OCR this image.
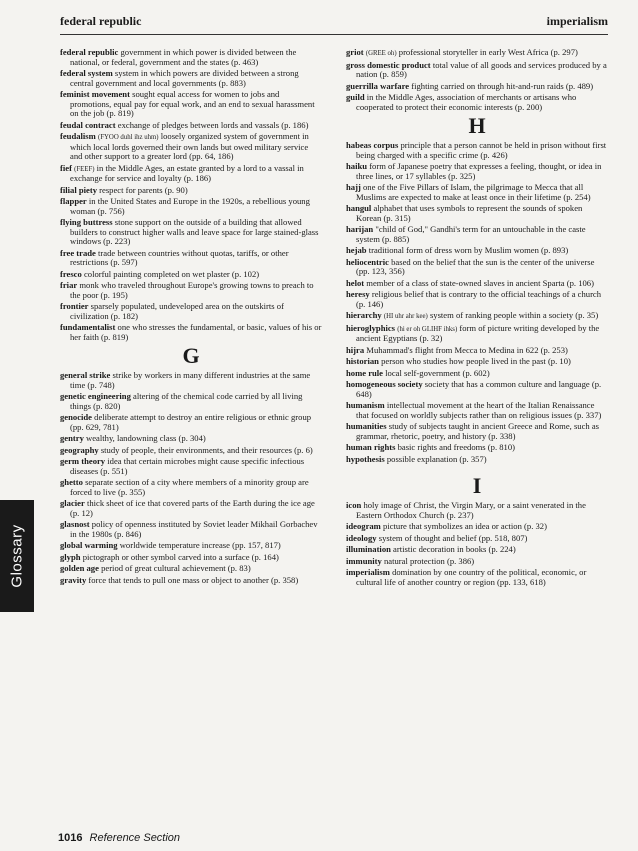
federal republic	imperialism
federal republic government in which power is divided between the national, or federal, government and the states (p. 463)
federal system system in which powers are divided between a strong central government and local governments (p. 883)
feminist movement sought equal access for women to jobs and promotions, equal pay for equal work, and an end to sexual harassment on the job (p. 819)
feudal contract exchange of pledges between lords and vassals (p. 186)
feudalism (FYOO duhl ihz uhm) loosely organized system of government in which local lords governed their own lands but owed military service and other support to a greater lord (pp. 64, 186)
fief (FEEF) in the Middle Ages, an estate granted by a lord to a vassal in exchange for service and loyalty (p. 186)
filial piety respect for parents (p. 90)
flapper in the United States and Europe in the 1920s, a rebellious young woman (p. 756)
flying buttress stone support on the outside of a building that allowed builders to construct higher walls and leave space for large stained-glass windows (p. 223)
free trade trade between countries without quotas, tariffs, or other restrictions (p. 597)
fresco colorful painting completed on wet plaster (p. 102)
friar monk who traveled throughout Europe's growing towns to preach to the poor (p. 195)
frontier sparsely populated, undeveloped area on the outskirts of civilization (p. 182)
fundamentalist one who stresses the fundamental, or basic, values of his or her faith (p. 819)
G
general strike strike by workers in many different industries at the same time (p. 748)
genetic engineering altering of the chemical code carried by all living things (p. 820)
genocide deliberate attempt to destroy an entire religious or ethnic group (pp. 629, 781)
gentry wealthy, landowning class (p. 304)
geography study of people, their environments, and their resources (p. 6)
germ theory idea that certain microbes might cause specific infectious diseases (p. 551)
ghetto separate section of a city where members of a minority group are forced to live (p. 355)
glacier thick sheet of ice that covered parts of the Earth during the ice age (p. 12)
glasnost policy of openness instituted by Soviet leader Mikhail Gorbachev in the 1980s (p. 846)
global warming worldwide temperature increase (pp. 157, 817)
glyph pictograph or other symbol carved into a surface (p. 164)
golden age period of great cultural achievement (p. 83)
gravity force that tends to pull one mass or object to another (p. 358)
griot (GREE oh) professional storyteller in early West Africa (p. 297)
gross domestic product total value of all goods and services produced by a nation (p. 859)
guerrilla warfare fighting carried on through hit-and-run raids (p. 489)
guild in the Middle Ages, association of merchants or artisans who cooperated to protect their economic interests (p. 200)
H
habeas corpus principle that a person cannot be held in prison without first being charged with a specific crime (p. 426)
haiku form of Japanese poetry that expresses a feeling, thought, or idea in three lines, or 17 syllables (p. 325)
hajj one of the Five Pillars of Islam, the pilgrimage to Mecca that all Muslims are expected to make at least once in their lifetime (p. 254)
hangul alphabet that uses symbols to represent the sounds of spoken Korean (p. 315)
harijan "child of God," Gandhi's term for an untouchable in the caste system (p. 885)
hejab traditional form of dress worn by Muslim women (p. 893)
heliocentric based on the belief that the sun is the center of the universe (pp. 123, 356)
helot member of a class of state-owned slaves in ancient Sparta (p. 106)
heresy religious belief that is contrary to the official teachings of a church (p. 146)
hierarchy (HI uhr ahr kee) system of ranking people within a society (p. 35)
hieroglyphics (hi er oh GLIHF ihks) form of picture writing developed by the ancient Egyptians (p. 32)
hijra Muhammad's flight from Mecca to Medina in 622 (p. 253)
historian person who studies how people lived in the past (p. 10)
home rule local self-government (p. 602)
homogeneous society society that has a common culture and language (p. 648)
humanism intellectual movement at the heart of the Italian Renaissance that focused on worldly subjects rather than on religious issues (p. 337)
humanities study of subjects taught in ancient Greece and Rome, such as grammar, rhetoric, poetry, and history (p. 338)
human rights basic rights and freedoms (p. 810)
hypothesis possible explanation (p. 357)
I
icon holy image of Christ, the Virgin Mary, or a saint venerated in the Eastern Orthodox Church (p. 237)
ideogram picture that symbolizes an idea or action (p. 32)
ideology system of thought and belief (pp. 518, 807)
illumination artistic decoration in books (p. 224)
immunity natural protection (p. 386)
imperialism domination by one country of the political, economic, or cultural life of another country or region (pp. 133, 618)
Glossary
1016 Reference Section
